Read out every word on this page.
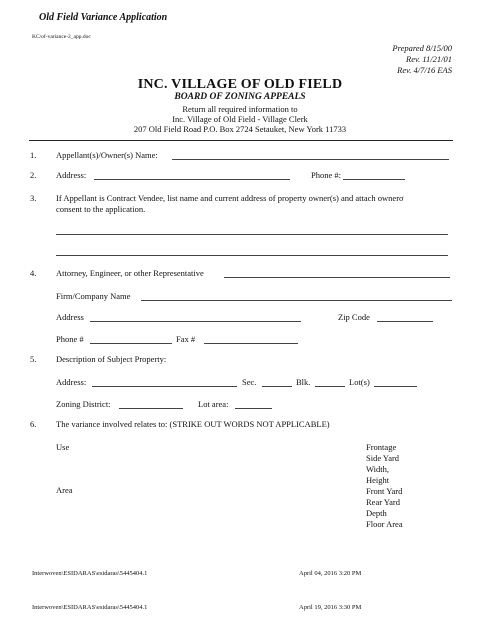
Old Field Variance Application
KC/of-variance-2_app.doc
Prepared 8/15/00
Rev. 11/21/01
Rev. 4/7/16 EAS
INC. VILLAGE OF OLD FIELD
BOARD OF ZONING APPEALS
Return all required information to
Inc. Village of Old Field - Village Clerk
207 Old Field Road P.O. Box 2724 Setauket, New York 11733
1. Appellant(s)/Owner(s) Name:
2. Address:	Phone #:
3. If Appellant is Contract Vendee, list name and current address of property owner(s) and attach ownerσ
consent to the application.
4. Attorney, Engineer, or other Representative
Firm/Company Name
Address	Zip Code
Phone #	Fax #
5. Description of Subject Property:
Address:	Sec.	Blk.	Lot(s)
Zoning District:	Lot area:
6. The variance involved relates to: (STRIKE OUT WORDS NOT APPLICABLE)
Use
Area
Frontage
Side Yard
Width,
Height
Front Yard
Rear Yard
Depth
Floor Area
Interwoven\ESIDARAS\esidaras\5445404.1	April 04, 2016 3:20 PM
Interwoven\ESIDARAS\esidaras\5445404.1	April 19, 2016 3:30 PM
